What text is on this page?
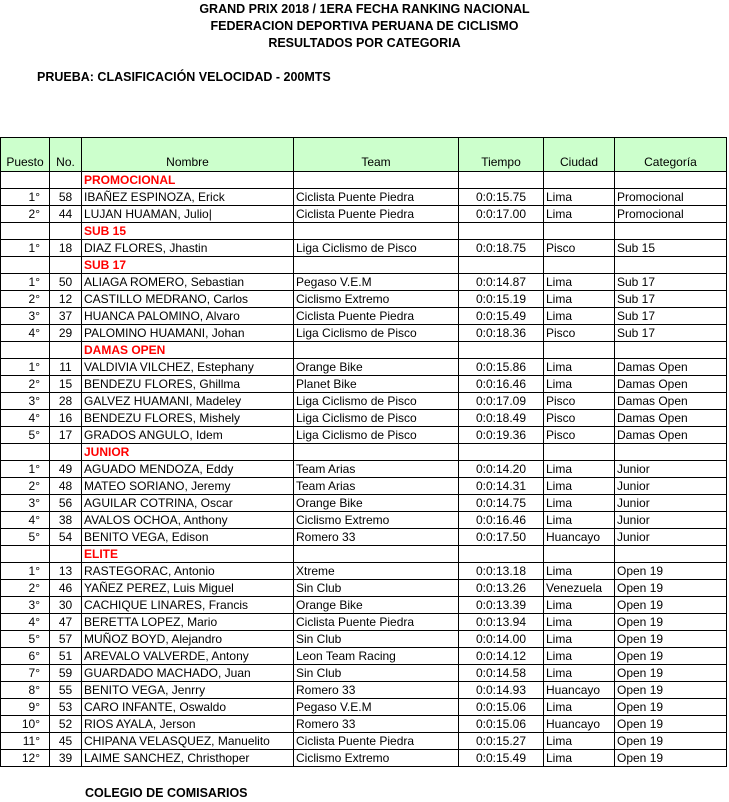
GRAND PRIX 2018 / 1ERA FECHA RANKING NACIONAL
FEDERACION DEPORTIVA PERUANA DE CICLISMO
RESULTADOS POR CATEGORIA
PRUEBA: CLASIFICACIÓN VELOCIDAD - 200MTS
Puesto	No.	Nombre	Team	Tiempo	Ciudad	Categoría
		PROMOCIONAL				
1°	58	IBAÑEZ ESPINOZA, Erick	Ciclista Puente Piedra	0:0:15.75	Lima	Promocional
2°	44	LUJAN HUAMAN, Julio|	Ciclista Puente Piedra	0:0:17.00	Lima	Promocional
		SUB 15				
1°	18	DIAZ FLORES, Jhastin	Liga Ciclismo de Pisco	0:0:18.75	Pisco	Sub 15
		SUB 17				
1°	50	ALIAGA ROMERO, Sebastian	Pegaso V.E.M	0:0:14.87	Lima	Sub 17
2°	12	CASTILLO MEDRANO, Carlos	Ciclismo Extremo	0:0:15.19	Lima	Sub 17
3°	37	HUANCA PALOMINO, Alvaro	Ciclista Puente Piedra	0:0:15.49	Lima	Sub 17
4°	29	PALOMINO HUAMANI, Johan	Liga Ciclismo de Pisco	0:0:18.36	Pisco	Sub 17
		DAMAS OPEN				
1°	11	VALDIVIA VILCHEZ, Estephany	Orange Bike	0:0:15.86	Lima	Damas Open
2°	15	BENDEZU FLORES, Ghillma	Planet Bike	0:0:16.46	Lima	Damas Open
3°	28	GALVEZ HUAMANI, Madeley	Liga Ciclismo de Pisco	0:0:17.09	Pisco	Damas Open
4°	16	BENDEZU FLORES, Mishely	Liga Ciclismo de Pisco	0:0:18.49	Pisco	Damas Open
5°	17	GRADOS ANGULO, Idem	Liga Ciclismo de Pisco	0:0:19.36	Pisco	Damas Open
		JUNIOR				
1°	49	AGUADO MENDOZA, Eddy	Team Arias	0:0:14.20	Lima	Junior
2°	48	MATEO SORIANO, Jeremy	Team Arias	0:0:14.31	Lima	Junior
3°	56	AGUILAR COTRINA, Oscar	Orange Bike	0:0:14.75	Lima	Junior
4°	38	AVALOS OCHOA, Anthony	Ciclismo Extremo	0:0:16.46	Lima	Junior
5°	54	BENITO VEGA, Edison	Romero 33	0:0:17.50	Huancayo	Junior
		ELITE				
1°	13	RASTEGORAC, Antonio	Xtreme	0:0:13.18	Lima	Open 19
2°	46	YAÑEZ PEREZ, Luis Miguel	Sin Club	0:0:13.26	Venezuela	Open 19
3°	30	CACHIQUE LINARES, Francis	Orange Bike	0:0:13.39	Lima	Open 19
4°	47	BERETTA LOPEZ, Mario	Ciclista Puente Piedra	0:0:13.94	Lima	Open 19
5°	57	MUÑOZ BOYD, Alejandro	Sin Club	0:0:14.00	Lima	Open 19
6°	51	AREVALO VALVERDE, Antony	Leon Team Racing	0:0:14.12	Lima	Open 19
7°	59	GUARDADO MACHADO, Juan	Sin Club	0:0:14.58	Lima	Open 19
8°	55	BENITO VEGA, Jenrry	Romero 33	0:0:14.93	Huancayo	Open 19
9°	53	CARO INFANTE, Oswaldo	Pegaso V.E.M	0:0:15.06	Lima	Open 19
10°	52	RIOS AYALA, Jerson	Romero 33	0:0:15.06	Huancayo	Open 19
11°	45	CHIPANA VELASQUEZ, Manuelito	Ciclista Puente Piedra	0:0:15.27	Lima	Open 19
12°	39	LAIME SANCHEZ, Christhoper	Ciclismo Extremo	0:0:15.49	Lima	Open 19
COLEGIO DE COMISARIOS
